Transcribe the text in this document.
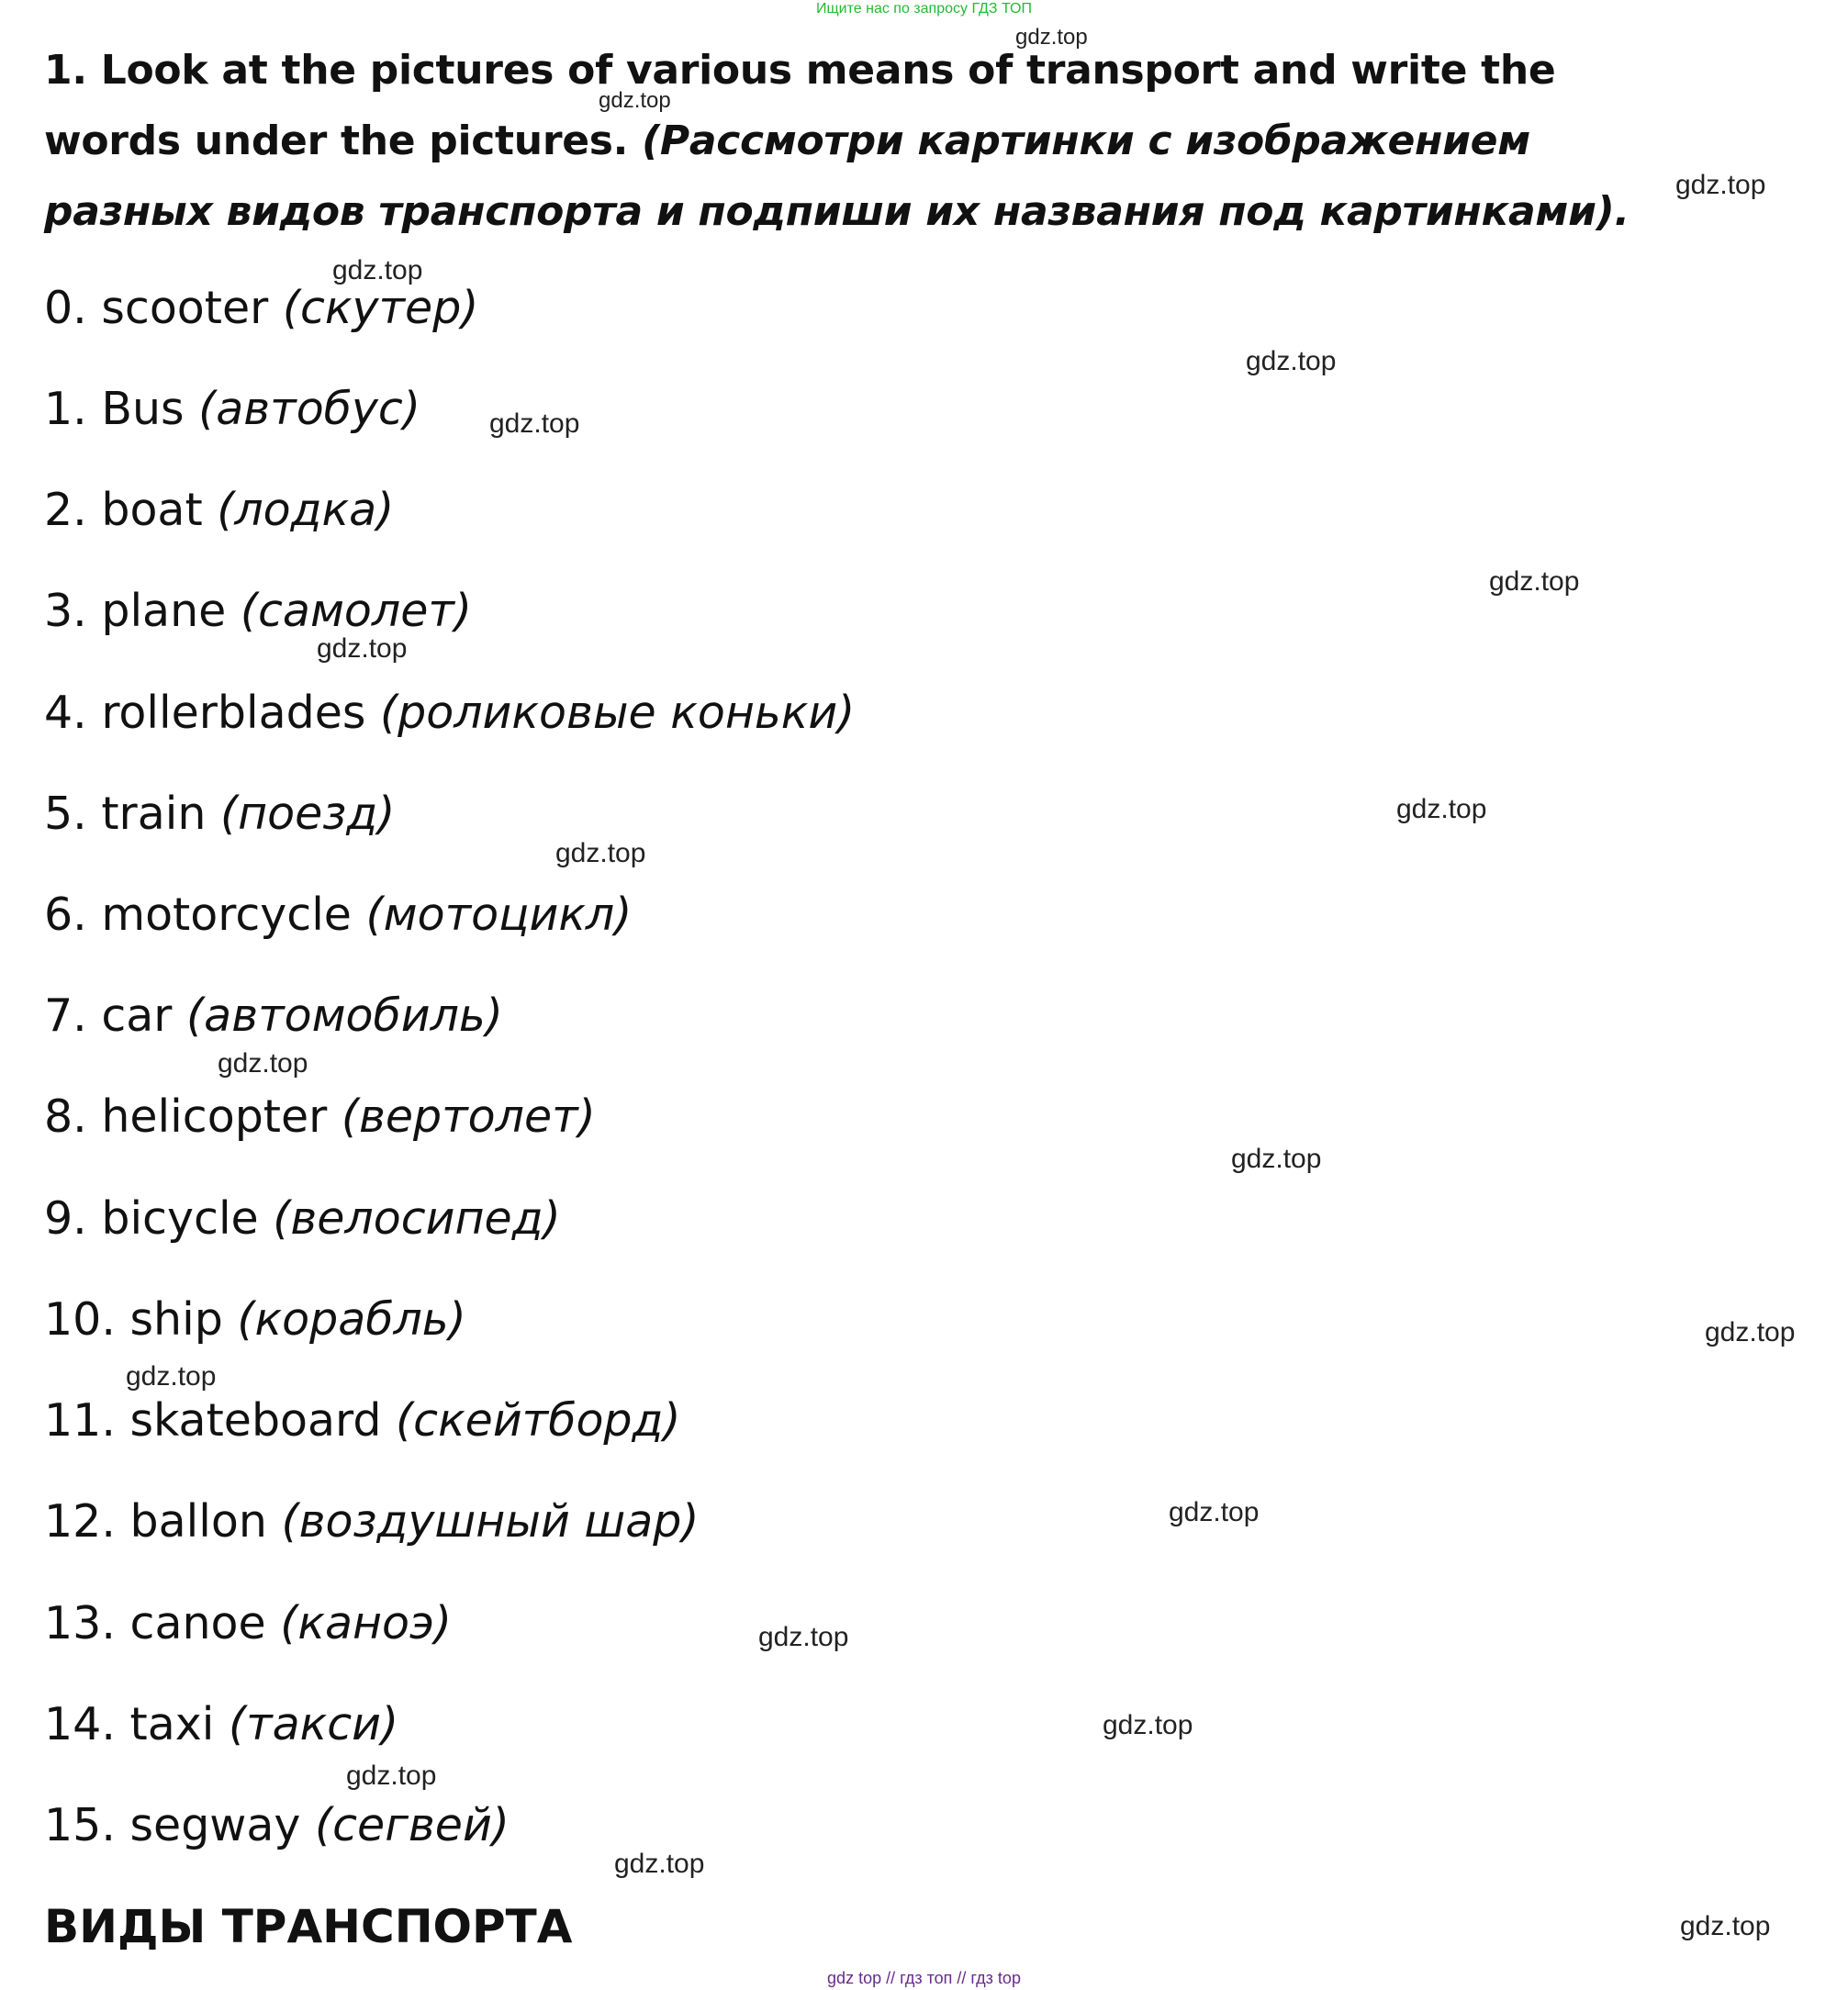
Ищите нас по запросу ГДЗ ТОП
1. Look at the pictures of various means of transport and write the words under the pictures. (Рассмотри картинки с изображением разных видов транспорта и подпиши их названия под картинками).
0. scooter (скутер)
1. Bus (автобус)
2. boat (лодка)
3. plane (самолет)
4. rollerblades (роликовые коньки)
5. train (поезд)
6. motorcycle (мотоцикл)
7. car (автомобиль)
8. helicopter (вертолет)
9. bicycle (велосипед)
10. ship (корабль)
11. skateboard (скейтборд)
12. ballon (воздушный шар)
13. canoe (каноэ)
14. taxi (такси)
15. segway (сегвей)
ВИДЫ ТРАНСПОРТА
gdz.top
gdz.top
gdz.top
gdz.top
gdz.top
gdz.top
gdz.top
gdz.top
gdz.top
gdz.top
gdz.top
gdz.top
gdz.top
gdz.top
gdz.top
gdz.top
gdz.top
gdz.top
gdz.top
gdz.top
gdz top // гдз топ // гдз top
